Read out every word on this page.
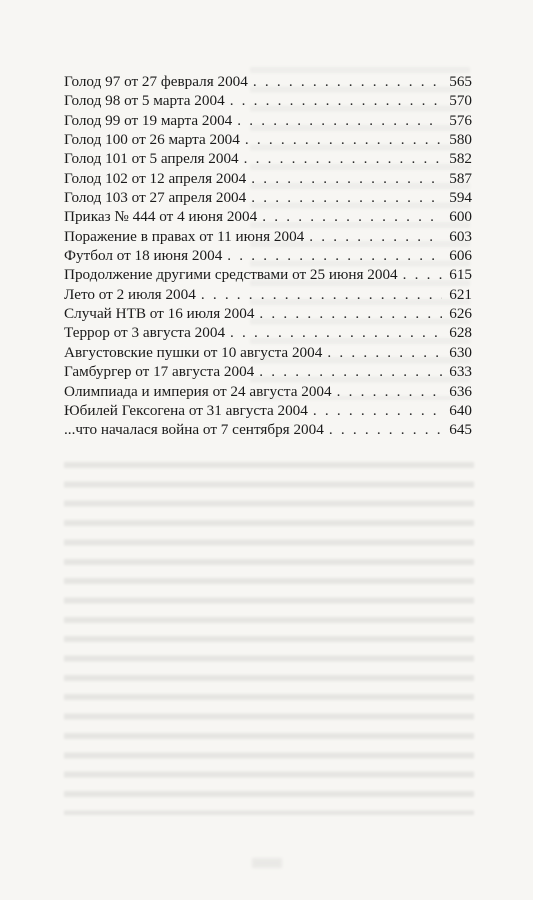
Голод 97 от 27 февраля 2004 . . .	565
Голод 98 от 5 марта 2004 . . .	570
Голод 99 от 19 марта 2004 . . .	576
Голод 100 от 26 марта 2004 . . .	580
Голод 101 от 5 апреля 2004 . . .	582
Голод 102 от 12 апреля 2004 . . .	587
Голод 103 от 27 апреля 2004 . . .	594
Приказ № 444 от 4 июня 2004 . . .	600
Поражение в правах от 11 июня 2004 . . .	603
Футбол от 18 июня 2004 . . .	606
Продолжение другими средствами от 25 июня 2004 . . .	615
Лето от 2 июля 2004 . . .	621
Случай НТВ от 16 июля 2004 . . .	626
Террор от 3 августа 2004 . . .	628
Августовские пушки от 10 августа 2004 . . .	630
Гамбургер от 17 августа 2004 . . .	633
Олимпиада и империя от 24 августа 2004 . . .	636
Юбилей Гексогена от 31 августа 2004 . . .	640
...что началася война от 7 сентября 2004 . . .	645
